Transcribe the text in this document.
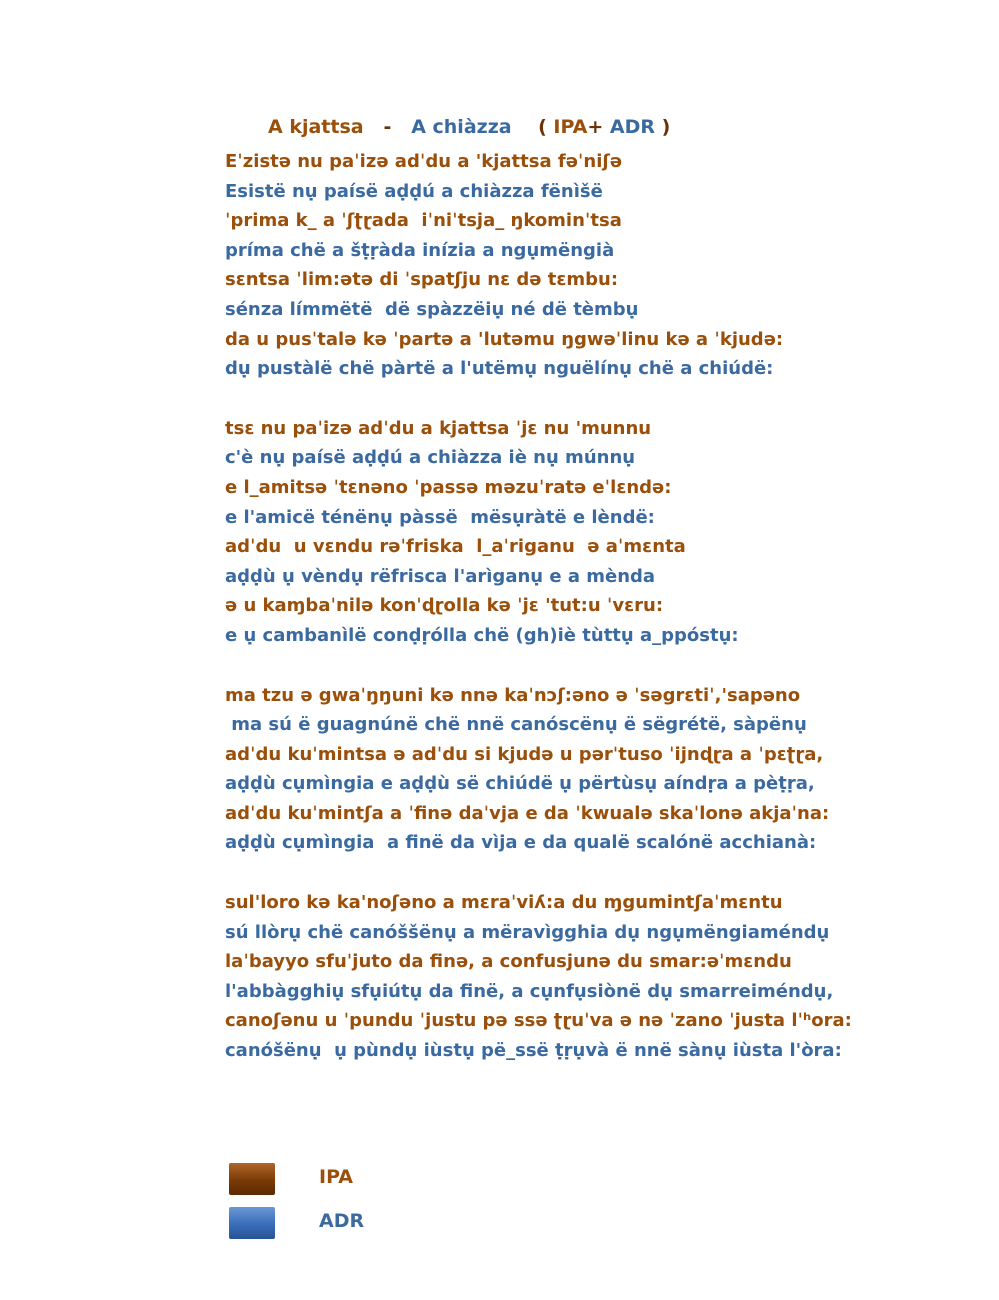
A kjattsa - A chiàzza ( IPA+ ADR )
Eˈzistə nu paˈizə adˈdu a 'kjattsa fəˈniʃə
Esistë nụ paísë aḍḍú a chiàzza fënìšë
ˈprima k_ a ˈʃʈɽada  iˈniˈtsja_ ŋkominˈtsa
príma chë a šṭṛàda inízia a ngụmëngià
sɛntsa ˈlim:ətə di ˈspatʃju nɛ də tɛmbu:
sénza límmëtë  dë spàzzëiụ né dë tèmbụ
da u pusˈtalə kə ˈpartə a 'lutəmu ŋgwəˈlinu kə a ˈkjudə:
dụ pustàlë chë pàrtë a l'utëmụ nguëlínụ chë a chiúdë:
tsɛ nu paˈizə adˈdu a kjattsa ˈjɛ nu 'munnu
c'è nụ paísë aḍḍú a chiàzza iè nụ múnnụ
e l_amitsə ˈtɛnəno ˈpassə məzuˈratə eˈlɛndə:
e l'amicë ténënụ pàssë  mësụràtë e lèndë:
adˈdu  u vɛndu rəˈfriska  l_aˈriganu  ə aˈmɛnta
aḍḍù ụ vèndụ rëfrisca l'arìganụ e a mènda
ə u kaɱbaˈnilə konˈɖɽolla kə ˈjɛ 'tut:u ˈvɛru:
e ụ cambanìlë conḍṛólla chë (gh)iè tùttụ a_ppóstụ:
ma tzu ə gwaˈŋŋuni kə nnə kaˈnɔʃ:əno ə ˈsəgrɛtiˈ,'sapəno
ma sú ë guagnúnë chë nnë canóscënụ ë sëgrétë, sàpënụ
adˈdu kuˈmintsa ə adˈdu si kjudə u pərˈtuso ˈijnɖɽa a ˈpɛʈɽa,
aḍḍù cụmìngia e aḍḍù së chiúdë ụ përtùsụ aíndṛa a pèṭṛa,
adˈdu kuˈmintʃa a ˈfinə daˈvja e da ˈkwualə skaˈlonə akjaˈna:
aḍḍù cụmìngia  a finë da vìja e da qualë scalónë acchianà:
sul'loro kə ka'noʃəno a mɛraˈviʎ:a du ɱgumintʃaˈmɛntu
sú llòrụ chë canóššënụ a mëravìgghia dụ ngụmëngiaméndụ
laˈbayyo sfuˈjuto da finə, a confusjunə du smar:əˈmɛndu
l'abbàgghiụ sfụiútụ da finë, a cụnfụsiònë dụ smarreiméndụ,
canoʃənu u ˈpundu ˈjustu pə ssə ʈɽuˈva ə nə ˈzano ˈjusta lˈʰora:
canóšënụ  ụ pùndụ iùstụ pë_ssë ṭṛụvà ë nnë sànụ iùsta l'òra:
IPA
ADR
